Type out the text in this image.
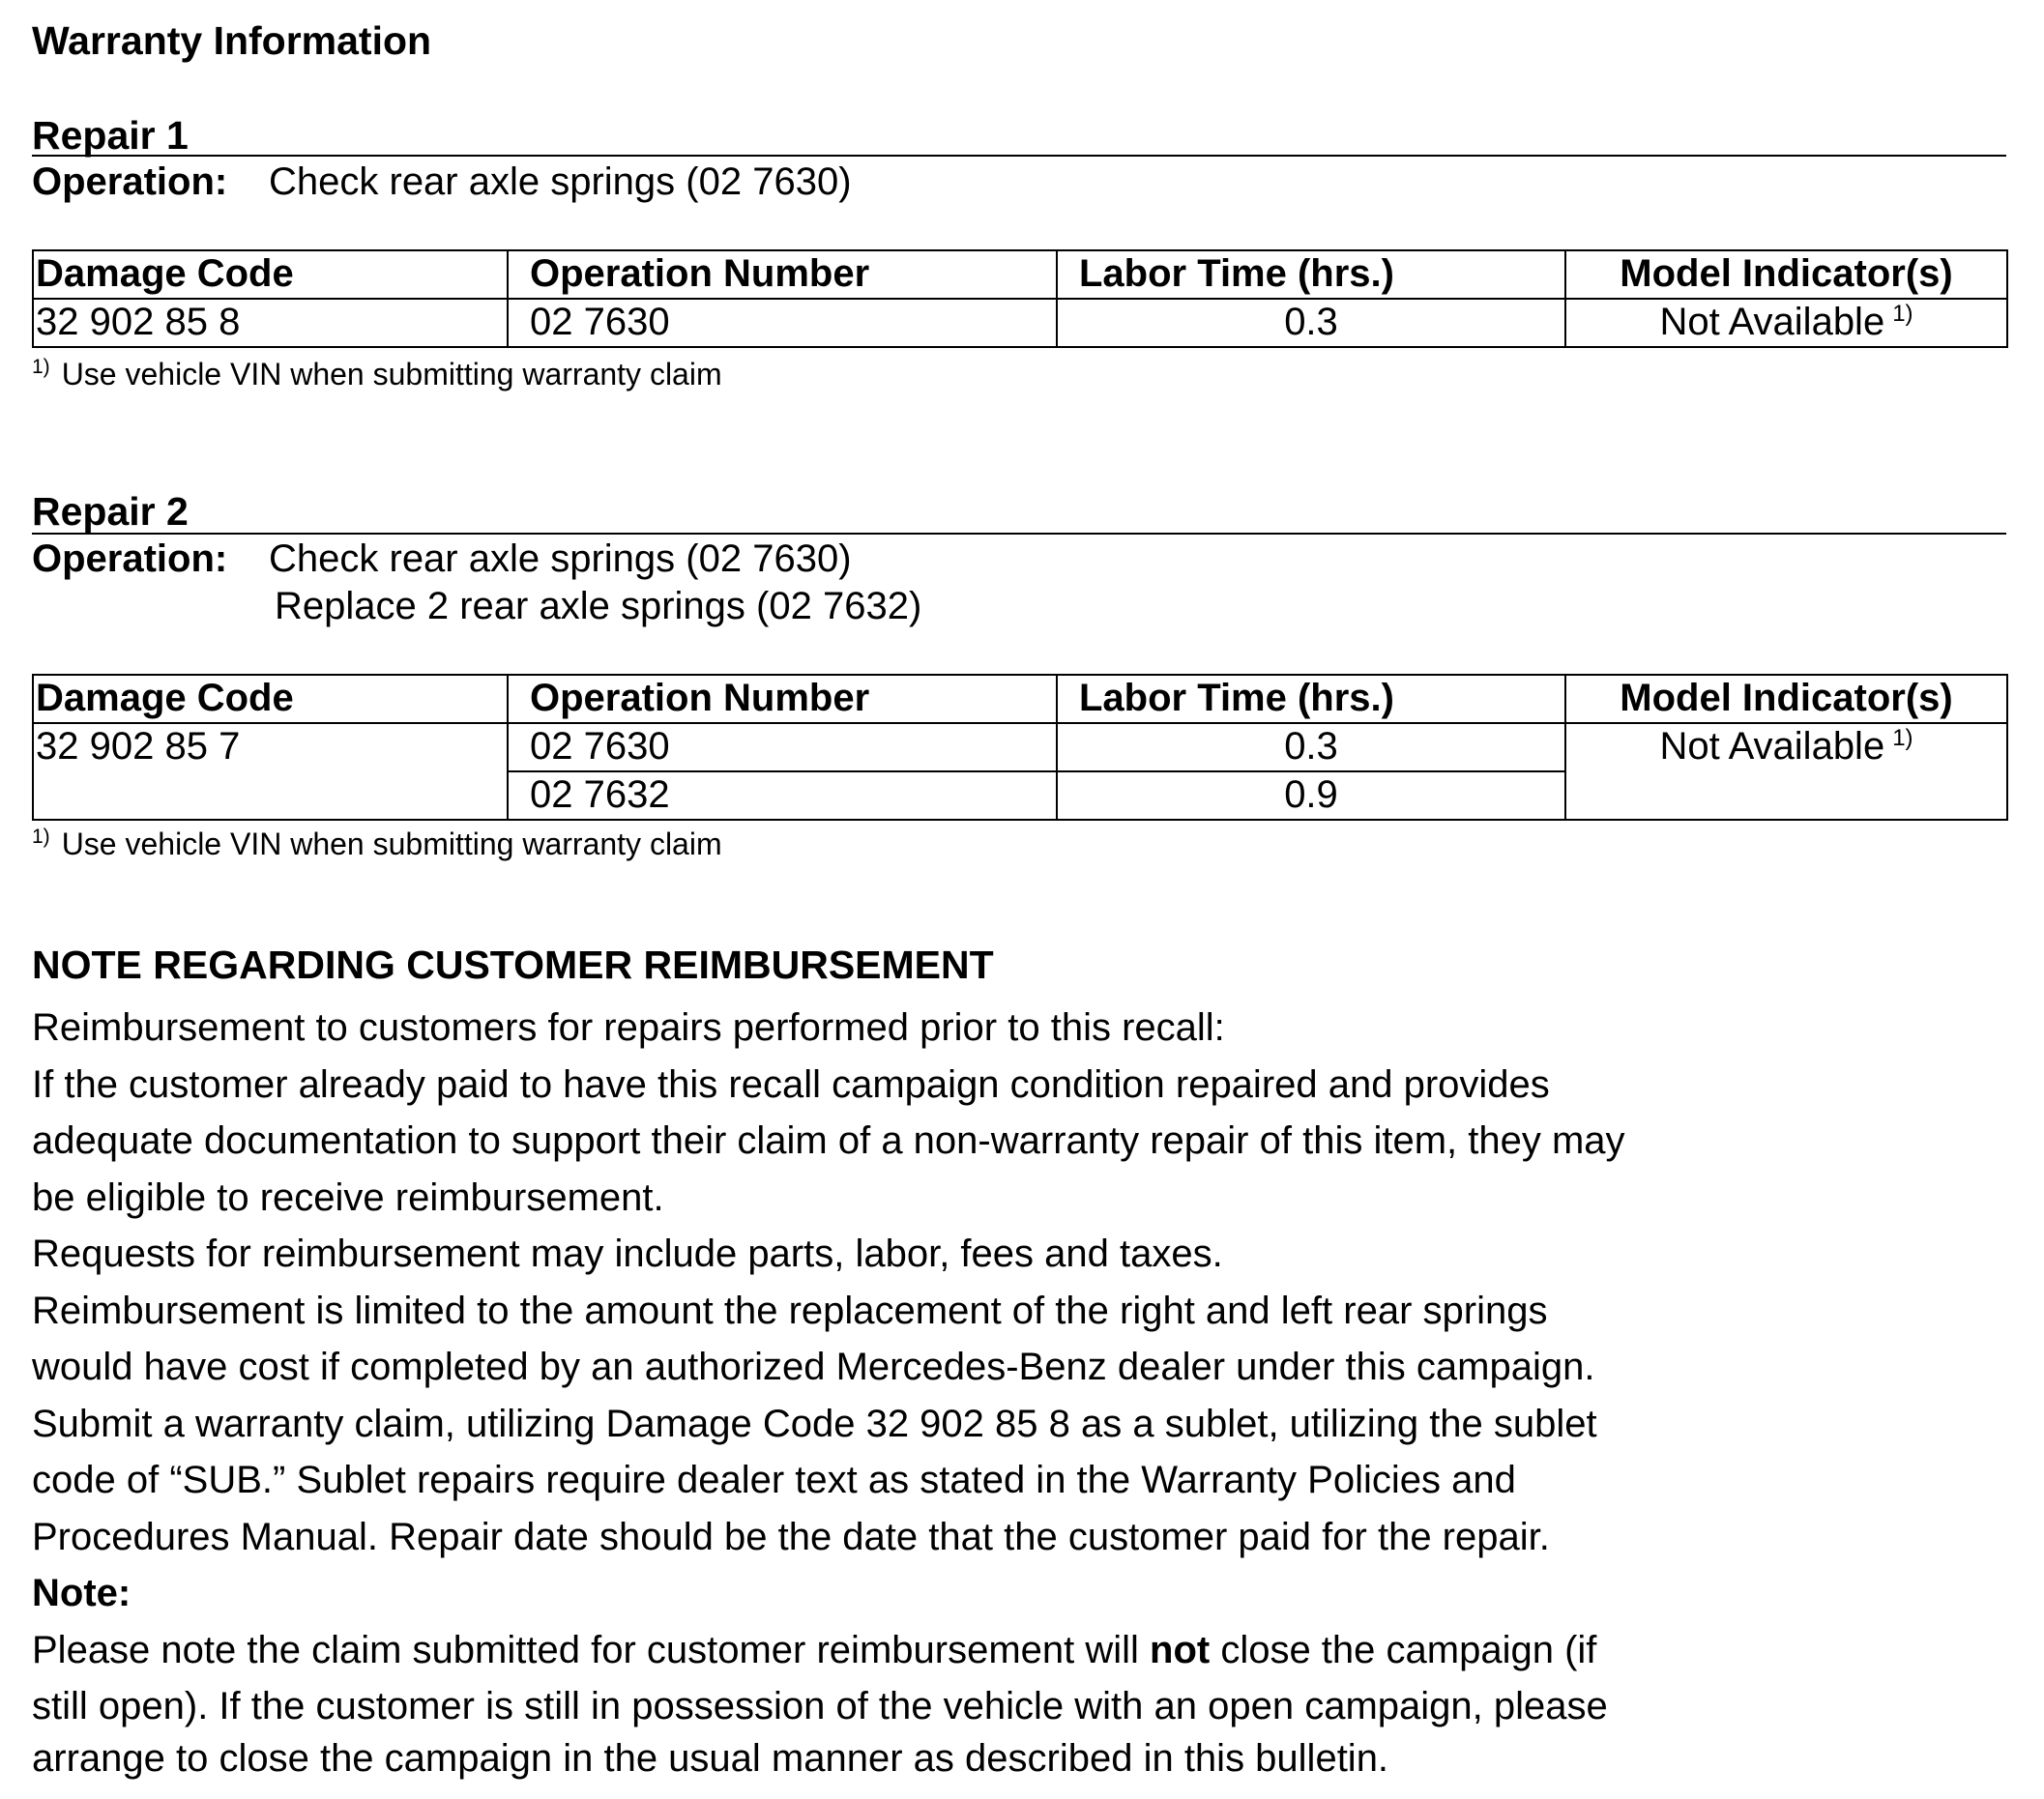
Warranty Information
Repair 1
Operation: Check rear axle springs (02 7630)
Damage Code	Operation Number	Labor Time (hrs.)	Model Indicator(s)
32 902 85 8	02 7630	0.3	Not Available $^{1)}$
$^{1)}$ Use vehicle VIN when submitting warranty claim
Repair 2
Operation: Check rear axle springs (02 7630)
Replace 2 rear axle springs (02 7632)
Damage Code	Operation Number	Labor Time (hrs.)	Model Indicator(s)
32 902 85 7	02 7630	0.3	Not Available $^{1)}$
	02 7632	0.9	
$^{1)}$ Use vehicle VIN when submitting warranty claim
NOTE REGARDING CUSTOMER REIMBURSEMENT

Reimbursement to customers for repairs performed prior to this recall:

If the customer already paid to have this recall campaign condition repaired and provides

adequate documentation to support their claim of a non-warranty repair of this item, they may

be eligible to receive reimbursement.

Requests for reimbursement may include parts, labor, fees and taxes.

Reimbursement is limited to the amount the replacement of the right and left rear springs

would have cost if completed by an authorized Mercedes-Benz dealer under this campaign.

Submit a warranty claim, utilizing Damage Code 32 902 85 8 as a sublet, utilizing the sublet

code of “SUB.” Sublet repairs require dealer text as stated in the Warranty Policies and

Procedures Manual. Repair date should be the date that the customer paid for the repair.

Note:

Please note the claim submitted for customer reimbursement will not close the campaign (if

still open). If the customer is still in possession of the vehicle with an open campaign, please

arrange to close the campaign in the usual manner as described in this bulletin.
